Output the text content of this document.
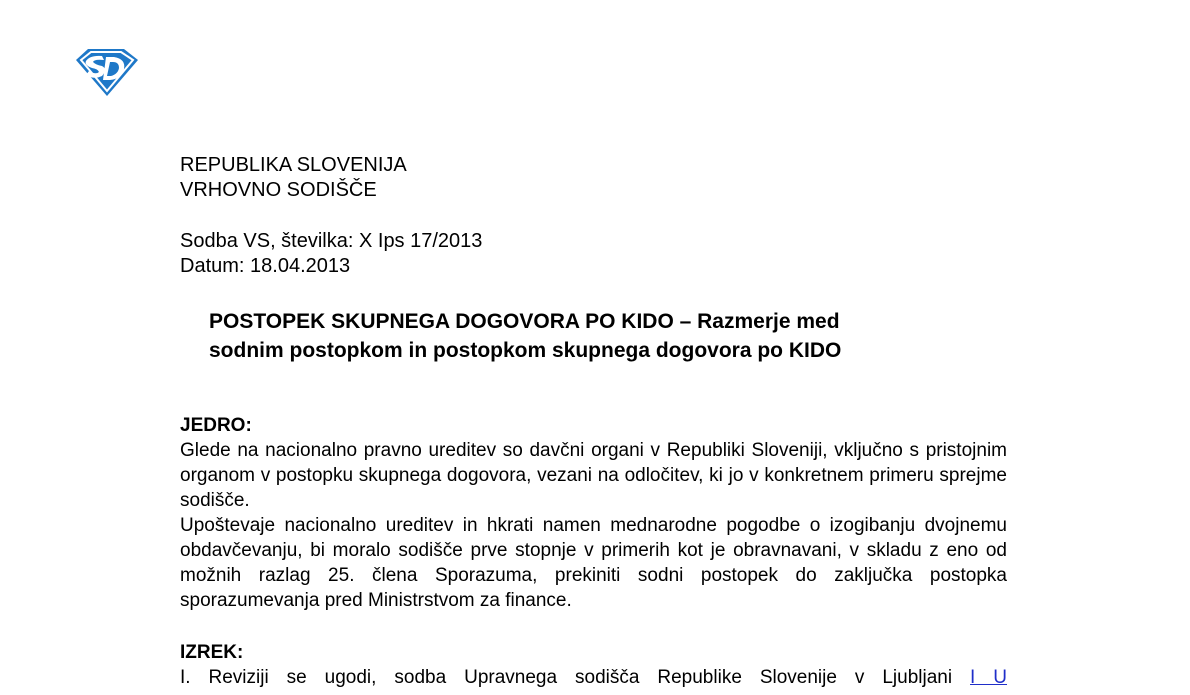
REPUBLIKA SLOVENIJA
VRHOVNO SODIŠČE
Sodba VS, številka: X Ips 17/2013
Datum: 18.04.2013
POSTOPEK SKUPNEGA DOGOVORA PO KIDO – Razmerje med
sodnim postopkom in postopkom skupnega dogovora po KIDO
JEDRO:
Glede na nacionalno pravno ureditev so davčni organi v Republiki Sloveniji, vključno s pristojnim organom v postopku skupnega dogovora, vezani na odločitev, ki jo v konkretnem primeru sprejme sodišče.
Upoštevaje nacionalno ureditev in hkrati namen mednarodne pogodbe o izogibanju dvojnemu obdavčevanju, bi moralo sodišče prve stopnje v primerih kot je obravnavani, v skladu z eno od možnih razlag 25. člena Sporazuma, prekiniti sodni postopek do zaključka postopka sporazumevanja pred Ministrstvom za finance.
IZREK:
I. Reviziji se ugodi, sodba Upravnega sodišča Republike Slovenije v Ljubljani I U
